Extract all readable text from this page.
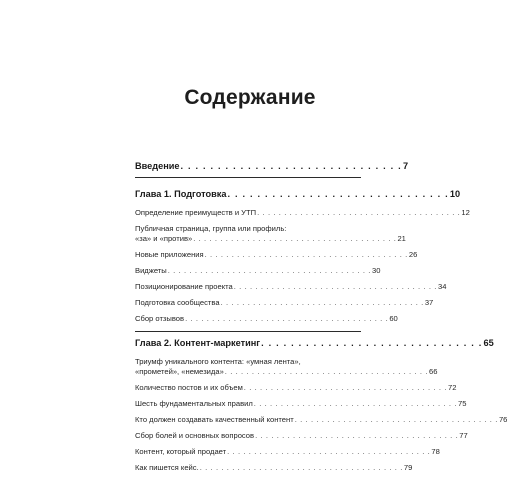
Содержание
Введение . . . . . . . . . . . . . . . . . . . . . . . . . . . . . . 7
Глава 1. Подготовка . . . . . . . . . . . . . . . . . . . . . . . . . . . . . . 10
Определение преимуществ и УТП . . . . . . . . . . . . . . . . . . . . . . . . . . . . . . . . . . . . . . 12
Публичная страница, группа или профиль:
«за» и «против» . . . . . . . . . . . . . . . . . . . . . . . . . . . . . . . . . . . . . . 21
Новые приложения . . . . . . . . . . . . . . . . . . . . . . . . . . . . . . . . . . . . . . 26
Виджеты . . . . . . . . . . . . . . . . . . . . . . . . . . . . . . . . . . . . . . 30
Позиционирование проекта . . . . . . . . . . . . . . . . . . . . . . . . . . . . . . . . . . . . . . 34
Подготовка сообщества . . . . . . . . . . . . . . . . . . . . . . . . . . . . . . . . . . . . . . 37
Сбор отзывов . . . . . . . . . . . . . . . . . . . . . . . . . . . . . . . . . . . . . . 60
Глава 2. Контент-маркетинг . . . . . . . . . . . . . . . . . . . . . . . . . . . . . . 65
Триумф уникального контента: «умная лента»,
«прометей», «немезида» . . . . . . . . . . . . . . . . . . . . . . . . . . . . . . . . . . . . . . 66
Количество постов и их объем . . . . . . . . . . . . . . . . . . . . . . . . . . . . . . . . . . . . . . 72
Шесть фундаментальных правил . . . . . . . . . . . . . . . . . . . . . . . . . . . . . . . . . . . . . . 75
Кто должен создавать качественный контент . . . . . . . . . . . . . . . . . . . . . . . . . . . . . . . . . . . . . . 76
Сбор болей и основных вопросов . . . . . . . . . . . . . . . . . . . . . . . . . . . . . . . . . . . . . . 77
Контент, который продает . . . . . . . . . . . . . . . . . . . . . . . . . . . . . . . . . . . . . . 78
Как пишется кейс. . . . . . . . . . . . . . . . . . . . . . . . . . . . . . . . . . . . . . . 79
